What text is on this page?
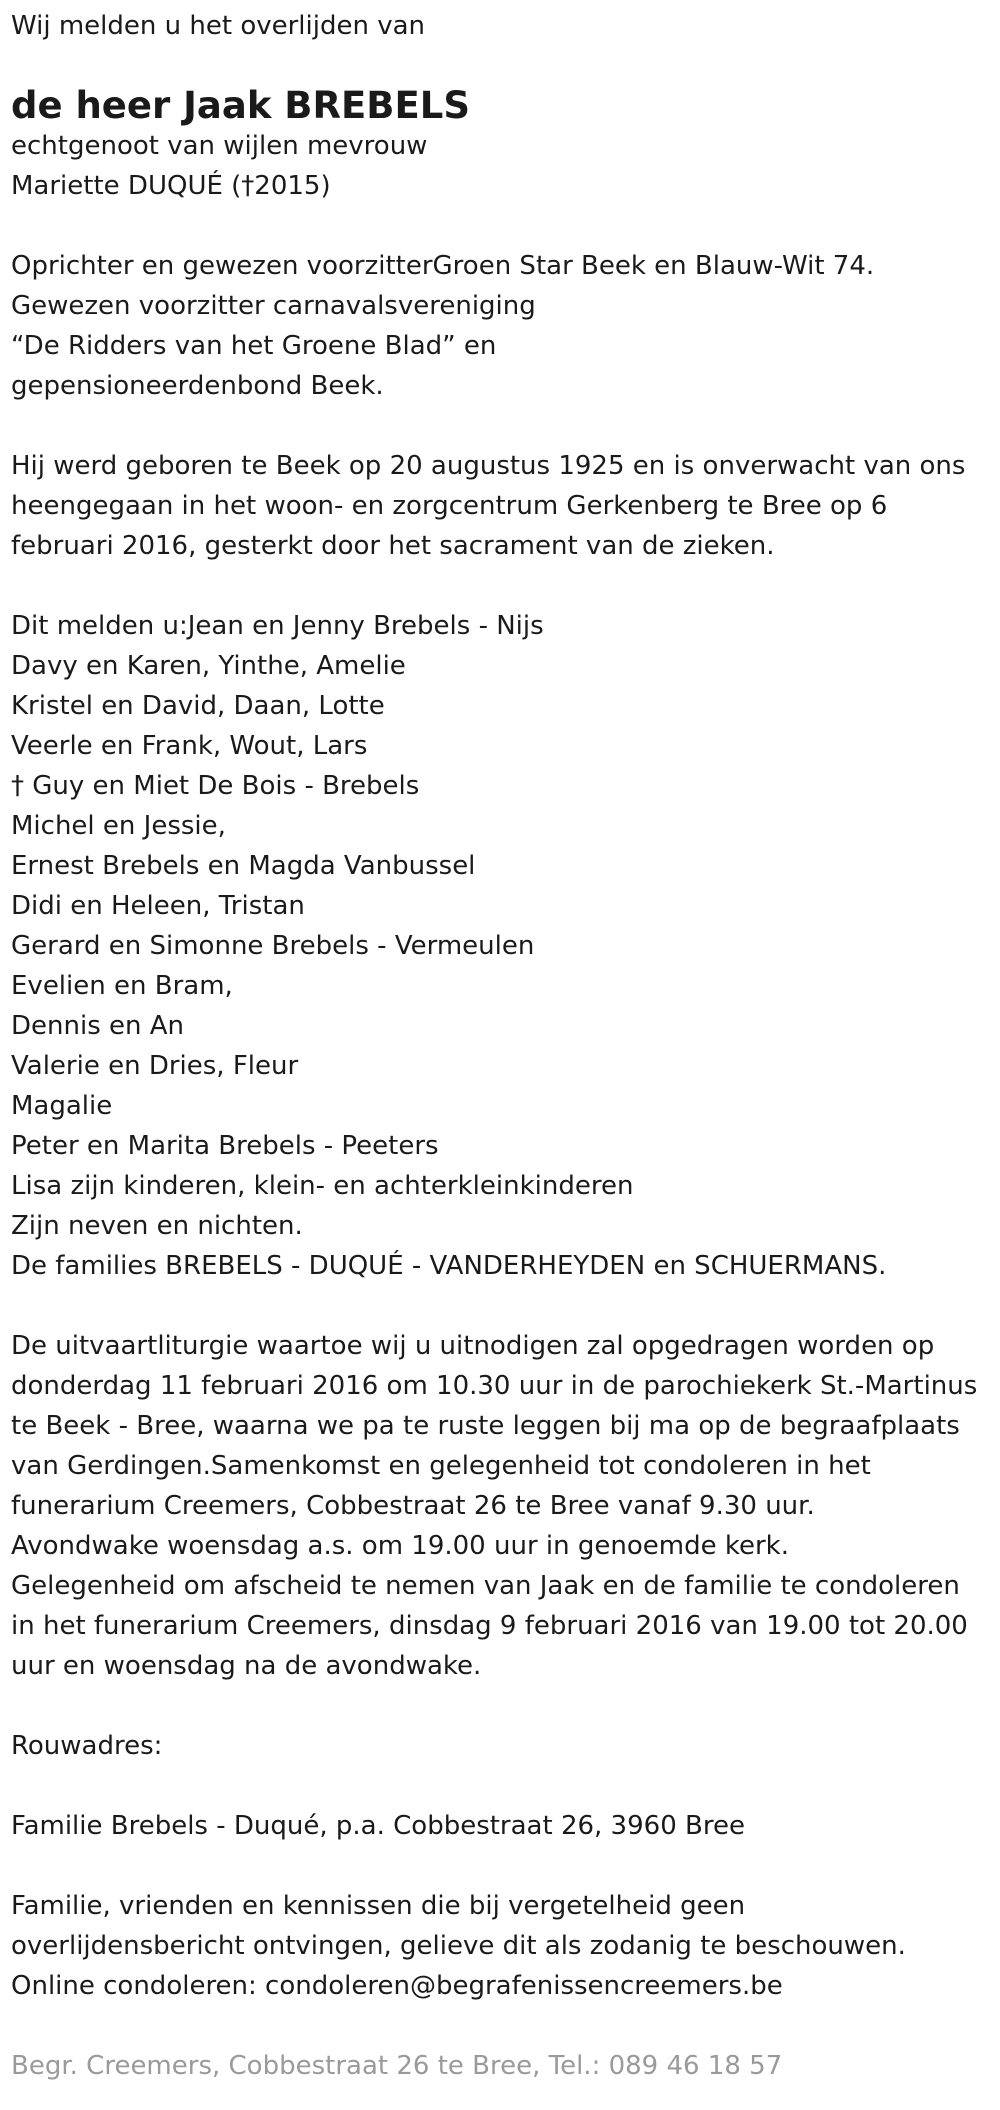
Wij melden u het overlijden van
de heer Jaak BREBELS

echtgenoot van wijlen mevrouw

Mariette DUQUÉ (†2015)

Oprichter en gewezen voorzitterGroen Star Beek en Blauw-Wit 74.

Gewezen voorzitter carnavalsvereniging

“De Ridders van het Groene Blad” en

gepensioneerdenbond Beek.

Hij werd geboren te Beek op 20 augustus 1925 en is onverwacht van ons

heengegaan in het woon- en zorgcentrum Gerkenberg te Bree op 6

februari 2016, gesterkt door het sacrament van de zieken.

Dit melden u:Jean en Jenny Brebels - Nijs

Davy en Karen, Yinthe, Amelie

Kristel en David, Daan, Lotte

Veerle en Frank, Wout, Lars

† Guy en Miet De Bois - Brebels

Michel en Jessie,

Ernest Brebels en Magda Vanbussel

Didi en Heleen, Tristan

Gerard en Simonne Brebels - Vermeulen

Evelien en Bram,

Dennis en An

Valerie en Dries, Fleur

Magalie

Peter en Marita Brebels - Peeters

Lisa zijn kinderen, klein- en achterkleinkinderen

Zijn neven en nichten.

De families BREBELS - DUQUÉ - VANDERHEYDEN en SCHUERMANS.

De uitvaartliturgie waartoe wij u uitnodigen zal opgedragen worden op

donderdag 11 februari 2016 om 10.30 uur in de parochiekerk St.-Martinus

te Beek - Bree, waarna we pa te ruste leggen bij ma op de begraafplaats

van Gerdingen.Samenkomst en gelegenheid tot condoleren in het

funerarium Creemers, Cobbestraat 26 te Bree vanaf 9.30 uur.

Avondwake woensdag a.s. om 19.00 uur in genoemde kerk.

Gelegenheid om afscheid te nemen van Jaak en de familie te condoleren

in het funerarium Creemers, dinsdag 9 februari 2016 van 19.00 tot 20.00

uur en woensdag na de avondwake.

Rouwadres:
Familie Brebels - Duqué, p.a. Cobbestraat 26, 3960 Bree

Familie, vrienden en kennissen die bij vergetelheid geen

overlijdensbericht ontvingen, gelieve dit als zodanig te beschouwen.

Online condoleren: condoleren@begrafenissencreemers.be

Begr. Creemers, Cobbestraat 26 te Bree, Tel.: 089 46 18 57
